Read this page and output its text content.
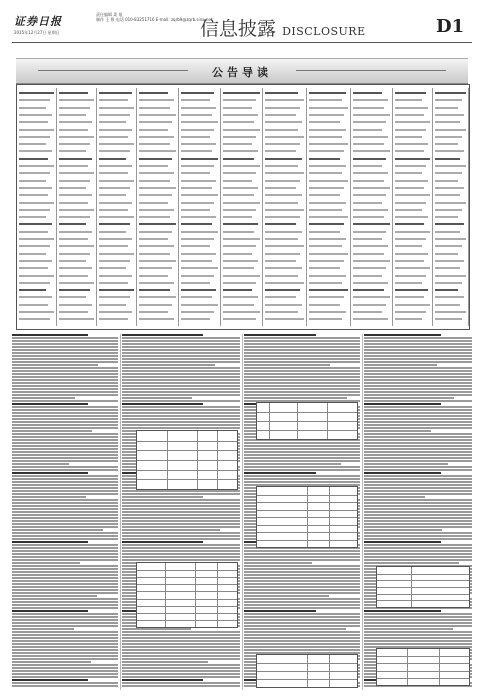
证券日报
2015年12月27日 星期日
责任编辑 姜 旭
制作 王 敬 电话 010-83251716 E-mail: zqrb9@zqrb.sina.net
信息披露 DISCLOSURE	D1
公告导读
